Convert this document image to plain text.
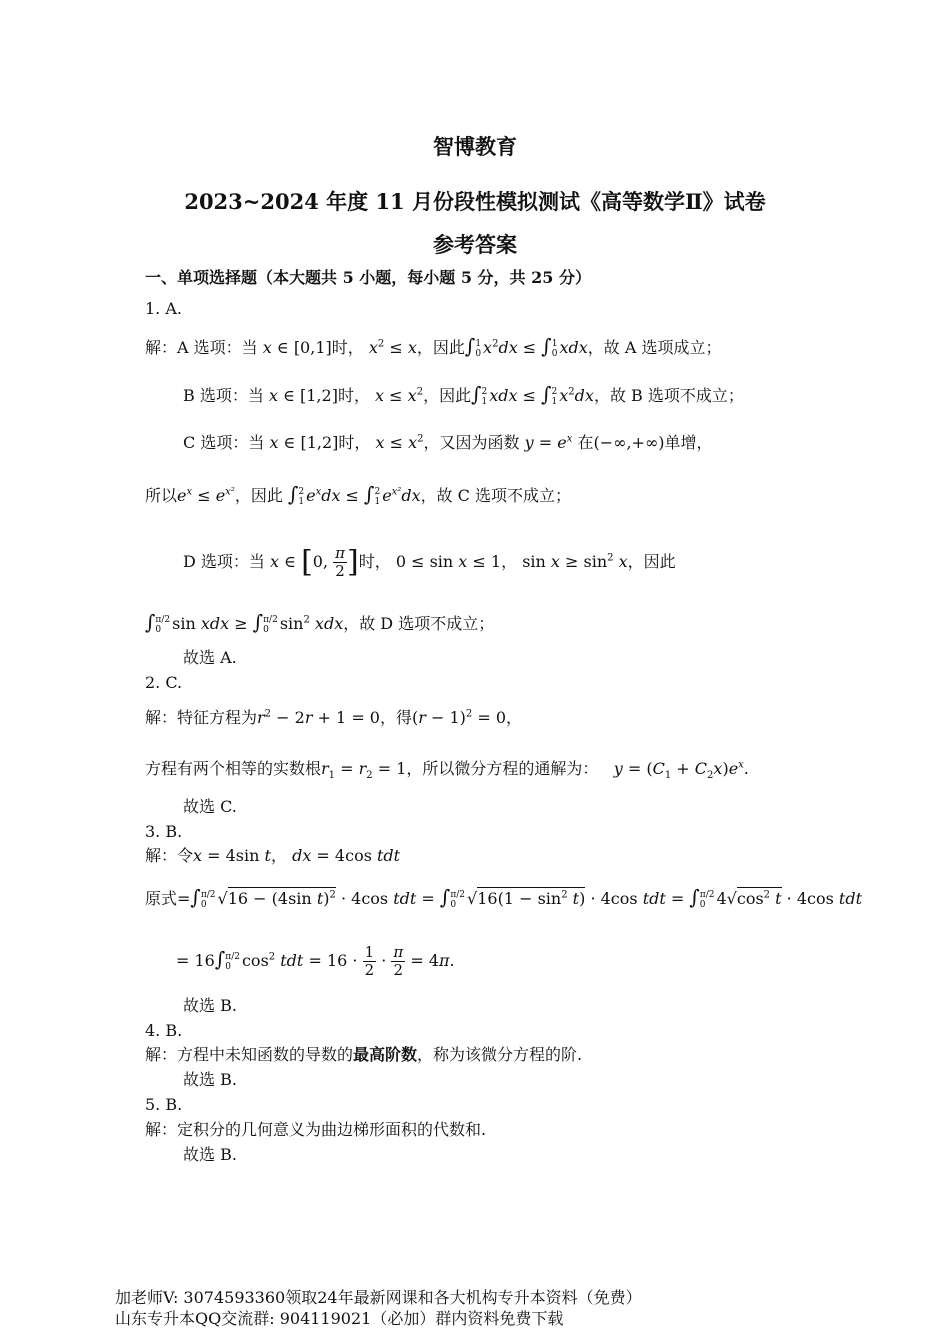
智博教育
2023~2024 年度 11 月份段性模拟测试《高等数学Ⅱ》试卷
参考答案
一、单项选择题（本大题共 5 小题，每小题 5 分，共 25 分）
1. A.
解：A 选项：当 x ∈ [0,1]时， $x^2 \le x$，因此∫1
0 $x^2dx \le \int 1$
0 xdx，故 A 选项成立；
B 选项：当 x ∈ [1,2]时， $x \le x^2$，因此∫2
1 xdx ≤ ∫2
1 $x^2dx$，故 B 选项不成立；
C 选项：当 x ∈ [1,2]时， $x \le x^2$，又因为函数 $y = e^x$ 在(−∞,+∞)单增，
所以$e^x \le e^{x^2}$，因此 ∫2
1 $e^xdx \le \int 2$
1 $e^{x^2}dx$，故 C 选项不成立；
D 选项：当 x ∈ [0, $\frac{\pi}{2}$ ]时， 0 ≤ sin x ≤ 1， $\sin x \ge \sin^2 x$，因此
∫π/2
0 sin xdx ≥ ∫π/2
0 $\sin^2$ xdx，故 D 选项不成立；
故选 A.
2. C.
解：特征方程为$r^2 - 2r + 1 = 0$，得$(r - 1)^2 = 0$，
方程有两个相等的实数根$r_1 = r_2 = 1$，所以微分方程的通解为： $y = (C_1 + C_2x)e^x$.
故选 C.
3. B.
解：令x = 4sin t， dx = 4cos tdt
原式=∫π/2
0 √16 − (4sin t)$^2$ · 4cos tdt = ∫π/2
0 $√16(1 - \sin^2 t) \cdot 4\cos$ tdt = ∫π/2
0 $4√\cos^2$ t · 4cos tdt
= 16∫π/2
0 $\cos^2$ tdt = $16 \cdot \frac{1}{2} \cdot \frac{\pi}{2} = 4\pi$.
故选 B.
4. B.
解：方程中未知函数的导数的最高阶数，称为该微分方程的阶.
故选 B.
5. B.
解：定积分的几何意义为曲边梯形面积的代数和.
故选 B.
加老师V: 3074593360领取24年最新网课和各大机构专升本资料（免费）
山东专升本QQ交流群: 904119021（必加）群内资料免费下载
